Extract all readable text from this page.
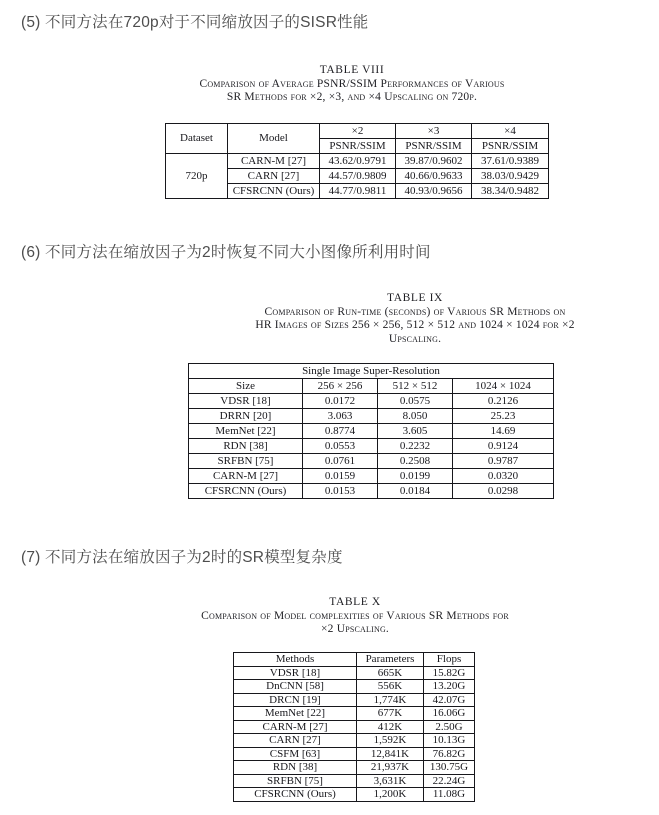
(5) 不同方法在720p对于不同缩放因子的SISR性能
TABLE VIII
Comparison of Average PSNR/SSIM Performances of Various
SR Methods for ×2, ×3, and ×4 Upscaling on 720p.
Dataset	Model	×2	×3	×4
		PSNR/SSIM	PSNR/SSIM	PSNR/SSIM
720p	CARN-M [27]	43.62/0.9791	39.87/0.9602	37.61/0.9389
	CARN [27]	44.57/0.9809	40.66/0.9633	38.03/0.9429
	CFSRCNN (Ours)	44.77/0.9811	40.93/0.9656	38.34/0.9482
(6) 不同方法在缩放因子为2时恢复不同大小图像所利用时间
TABLE IX
Comparison of Run-time (seconds) of Various SR Methods on
HR Images of Sizes 256 × 256, 512 × 512 and 1024 × 1024 for ×2
Upscaling.
Single Image Super-Resolution			
Size	256 × 256	512 × 512	1024 × 1024
VDSR [18]	0.0172	0.0575	0.2126
DRRN [20]	3.063	8.050	25.23
MemNet [22]	0.8774	3.605	14.69
RDN [38]	0.0553	0.2232	0.9124
SRFBN [75]	0.0761	0.2508	0.9787
CARN-M [27]	0.0159	0.0199	0.0320
CFSRCNN (Ours)	0.0153	0.0184	0.0298
(7) 不同方法在缩放因子为2时的SR模型复杂度
TABLE X
Comparison of Model complexities of Various SR Methods for
×2 Upscaling.
Methods	Parameters	Flops
VDSR [18]	665K	15.82G
DnCNN [58]	556K	13.20G
DRCN [19]	1,774K	42.07G
MemNet [22]	677K	16.06G
CARN-M [27]	412K	2.50G
CARN [27]	1,592K	10.13G
CSFM [63]	12,841K	76.82G
RDN [38]	21,937K	130.75G
SRFBN [75]	3,631K	22.24G
CFSRCNN (Ours)	1,200K	11.08G
